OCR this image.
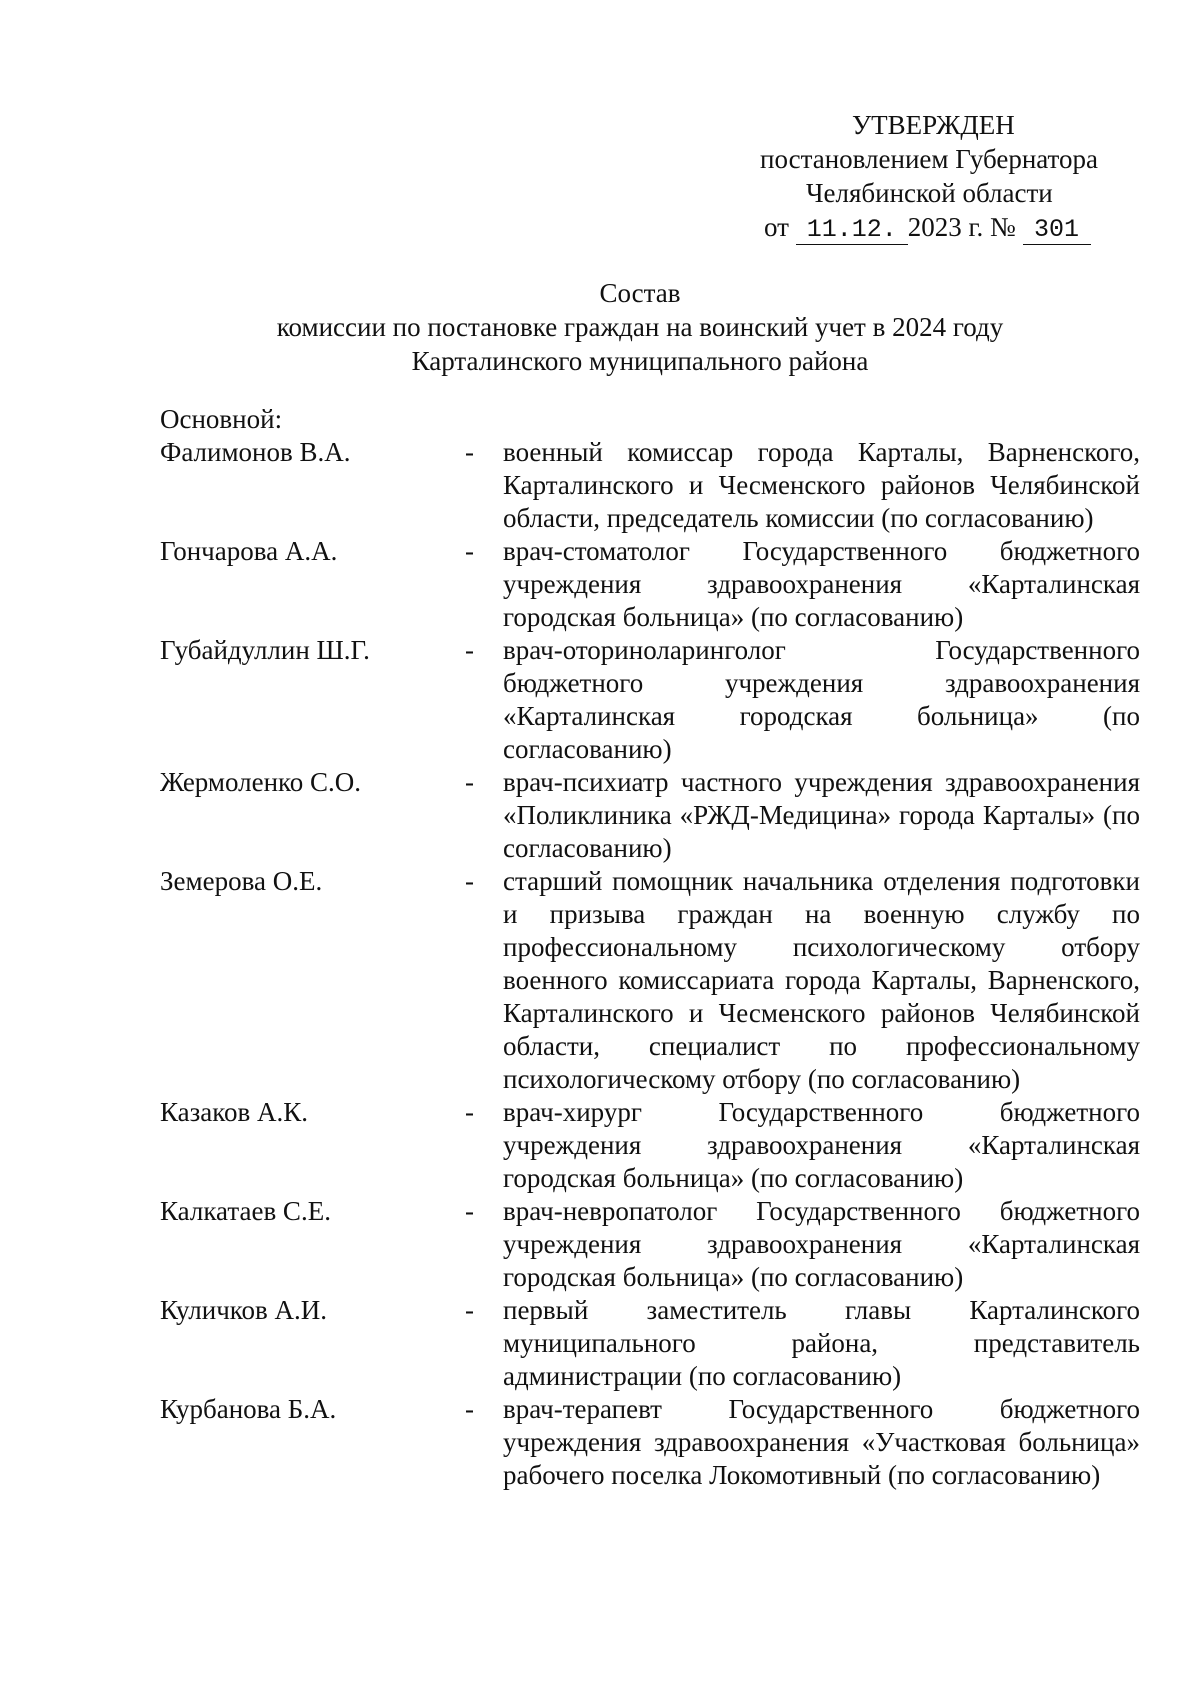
УТВЕРЖДЕН
постановлением Губернатора
Челябинской области
от 11.12. 2023 г. № 301
Состав
комиссии по постановке граждан на воинский учет в 2024 году
Карталинского муниципального района
Основной:
Фалимонов В.А.	-	военный комиссар города Карталы, Варненского, Карталинского и Чесменского районов Челябинской области, председатель комиссии (по согласованию)
Гончарова А.А.	-	врач-стоматолог Государственного бюджетного учреждения здравоохранения «Карталинская городская больница» (по согласованию)
Губайдуллин Ш.Г.	-	врач-оториноларинголог Государственного бюджетного учреждения здравоохранения «Карталинская городская больница» (по согласованию)
Жермоленко С.О.	-	врач-психиатр частного учреждения здравоохранения «Поликлиника «РЖД-Медицина» города Карталы» (по согласованию)
Земерова О.Е.	-	старший помощник начальника отделения подготовки и призыва граждан на военную службу по профессиональному психологическому отбору военного комиссариата города Карталы, Варненского, Карталинского и Чесменского районов Челябинской области, специалист по профессиональному психологическому отбору (по согласованию)
Казаков А.К.	-	врач-хирург Государственного бюджетного учреждения здравоохранения «Карталинская городская больница» (по согласованию)
Калкатаев С.Е.	-	врач-невропатолог Государственного бюджетного учреждения здравоохранения «Карталинская городская больница» (по согласованию)
Куличков А.И.	-	первый заместитель главы Карталинского муниципального района, представитель администрации (по согласованию)
Курбанова Б.А.	-	врач-терапевт Государственного бюджетного учреждения здравоохранения «Участковая больница» рабочего поселка Локомотивный (по согласованию)
